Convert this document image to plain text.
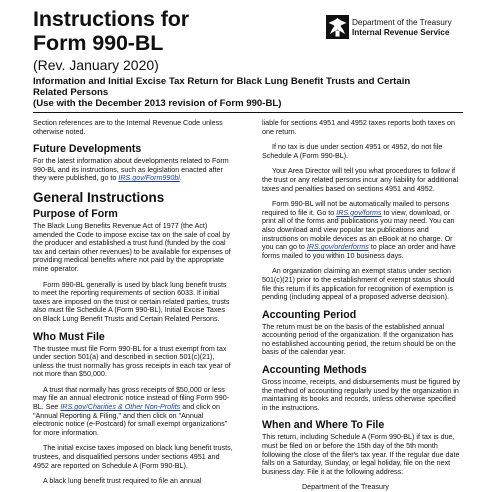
Instructions for
Form 990-BL
(Rev. January 2020)
Information and Initial Excise Tax Return for Black Lung Benefit Trusts and Certain
Related Persons
(Use with the December 2013 revision of Form 990-BL)
Department of the Treasury
Internal Revenue Service

Section references are to the Internal Revenue Code unless otherwise noted.

Future Developments

For the latest information about developments related to Form 990-BL and its instructions, such as legislation enacted after they were published, go to IRS.gov/Form990bl.

General Instructions
Purpose of Form

The Black Lung Benefits Revenue Act of 1977 (the Act) amended the Code to impose excise tax on the sale of coal by the producer and established a trust fund (funded by the coal tax and certain other revenues) to be available for expenses of providing medical benefits where not paid by the appropriate mine operator.

Form 990-BL generally is used by black lung benefit trusts to meet the reporting requirements of section 6033. If initial taxes are imposed on the trust or certain related parties, trusts also must file Schedule A (Form 990-BL), Initial Excise Taxes on Black Lung Benefit Trusts and Certain Related Persons.

Who Must File

The trustee must file Form 990-BL for a trust exempt from tax under section 501(a) and described in section 501(c)(21), unless the trust normally has gross receipts in each tax year of not more than $50,000.

A trust that normally has gross receipts of $50,000 or less may file an annual electronic notice instead of filing Form 990-BL. See IRS.gov/Charities & Other Non-Profits and click on "Annual Reporting & Filing," and then click on "Annual electronic notice (e-Postcard) for small exempt organizations" for more information.

The initial excise taxes imposed on black lung benefit trusts, trustees, and disqualified persons under sections 4951 and 4952 are reported on Schedule A (Form 990-BL).

A black lung benefit trust required to file an annual

liable for sections 4951 and 4952 taxes reports both taxes on one return.

If no tax is due under section 4951 or 4952, do not file Schedule A (Form 990-BL).

Your Area Director will tell you what procedures to follow if the trust or any related persons incur any liability for additional taxes and penalties based on sections 4951 and 4952.

Form 990-BL will not be automatically mailed to persons required to file it. Go to IRS.gov/forms to view, download, or print all of the forms and publications you may need. You can also download and view popular tax publications and instructions on mobile devices as an eBook at no charge. Or you can go to IRS.gov/orderforms to place an order and have forms mailed to you within 10 business days.

An organization claiming an exempt status under section 501(c)(21) prior to the establishment of exempt status should file this return if its application for recognition of exemption is pending (including appeal of a proposed adverse decision).

Accounting Period

The return must be on the basis of the established annual accounting period of the organization. If the organization has no established accounting period, the return should be on the basis of the calendar year.

Accounting Methods

Gross income, receipts, and disbursements must be figured by the method of accounting regularly used by the organization in maintaining its books and records, unless otherwise specified in the instructions.

When and Where To File

This return, including Schedule A (Form 990-BL) if tax is due, must be filed on or before the 15th day of the 5th month following the close of the filer's tax year. If the regular due date falls on a Saturday, Sunday, or legal holiday, file on the next business day. File it at the following address:

Department of the Treasury
